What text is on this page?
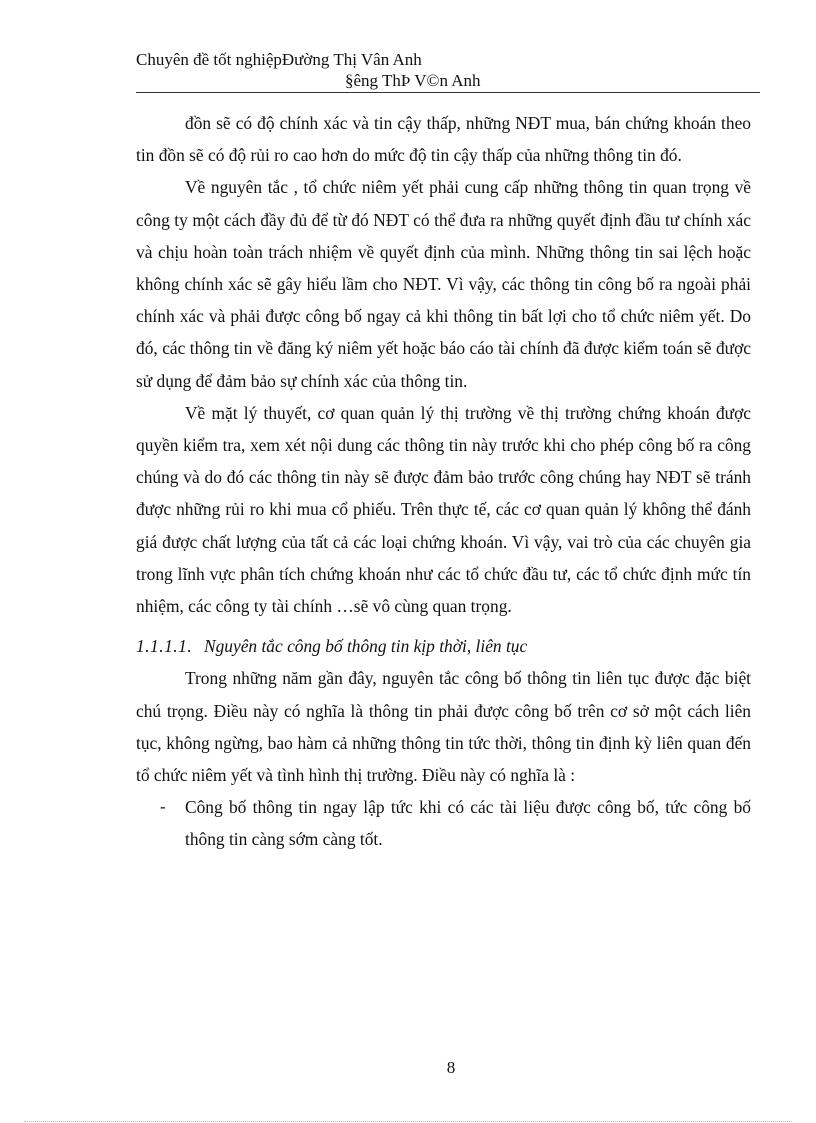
Chuyên đề tốt nghiệpĐường Thị Vân Anh
§êng ThÞ V©n Anh

đồn sẽ có độ chính xác và tin cậy thấp, những NĐT mua, bán chứng khoán theo tin đồn sẽ có độ rủi ro cao hơn do mức độ tin cậy thấp của những thông tin đó.

Về nguyên tắc , tổ chức niêm yết phải cung cấp những thông tin quan trọng về công ty một cách đầy đủ để từ đó NĐT có thể đưa ra những quyết định đầu tư chính xác và chịu hoàn toàn trách nhiệm về quyết định của mình. Những thông tin sai lệch hoặc không chính xác sẽ gây hiểu lầm cho NĐT. Vì vậy, các thông tin công bố ra ngoài phải chính xác và phải được công bố ngay cả khi thông tin bất lợi cho tổ chức niêm yết. Do đó, các thông tin về đăng ký niêm yết hoặc báo cáo tài chính đã được kiểm toán sẽ được sử dụng để đảm bảo sự chính xác của thông tin.

Về mặt lý thuyết, cơ quan quản lý thị trường về thị trường chứng khoán được quyền kiểm tra, xem xét nội dung các thông tin này trước khi cho phép công bố ra công chúng và do đó các thông tin này sẽ được đảm bảo trước công chúng hay NĐT sẽ tránh được những rủi ro khi mua cổ phiếu. Trên thực tế, các cơ quan quản lý không thể đánh giá được chất lượng của tất cả các loại chứng khoán. Vì vậy, vai trò của các chuyên gia trong lĩnh vực phân tích chứng khoán như các tổ chức đầu tư, các tổ chức định mức tín nhiệm, các công ty tài chính …sẽ vô cùng quan trọng.

1.1.1.1. Nguyên tắc công bố thông tin kịp thời, liên tục

Trong những năm gần đây, nguyên tắc công bố thông tin liên tục được đặc biệt chú trọng. Điều này có nghĩa là thông tin phải được công bố trên cơ sở một cách liên tục, không ngừng, bao hàm cả những thông tin tức thời, thông tin định kỳ liên quan đến tổ chức niêm yết và tình hình thị trường. Điều này có nghĩa là :

- Công bố thông tin ngay lập tức khi có các tài liệu được công bố, tức công bố thông tin càng sớm càng tốt.
8
